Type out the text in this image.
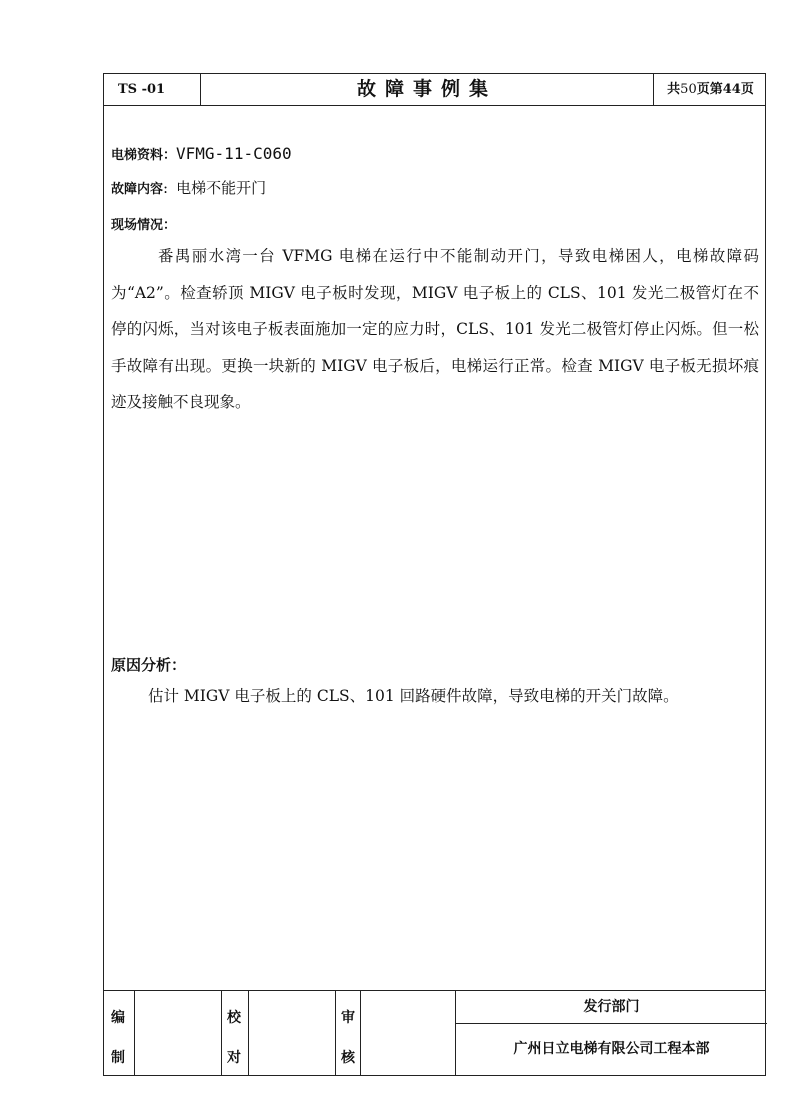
TS -01	故障事例集	共50页第44页
电梯资料：VFMG-11-C060
故障内容: 电梯不能开门
现场情况：
番禺丽水湾一台 VFMG 电梯在运行中不能制动开门，导致电梯困人，电梯故障码为“A2”。检查轿顶 MIGV 电子板时发现，MIGV 电子板上的 CLS、101 发光二极管灯在不停的闪烁，当对该电子板表面施加一定的应力时，CLS、101 发光二极管灯停止闪烁。但一松手故障有出现。更换一块新的 MIGV 电子板后，电梯运行正常。检查 MIGV 电子板无损坏痕迹及接触不良现象。
原因分析：
估计 MIGV 电子板上的 CLS、101 回路硬件故障，导致电梯的开关门故障。
编
制
校
对
审
核
发行部门
广州日立电梯有限公司工程本部
